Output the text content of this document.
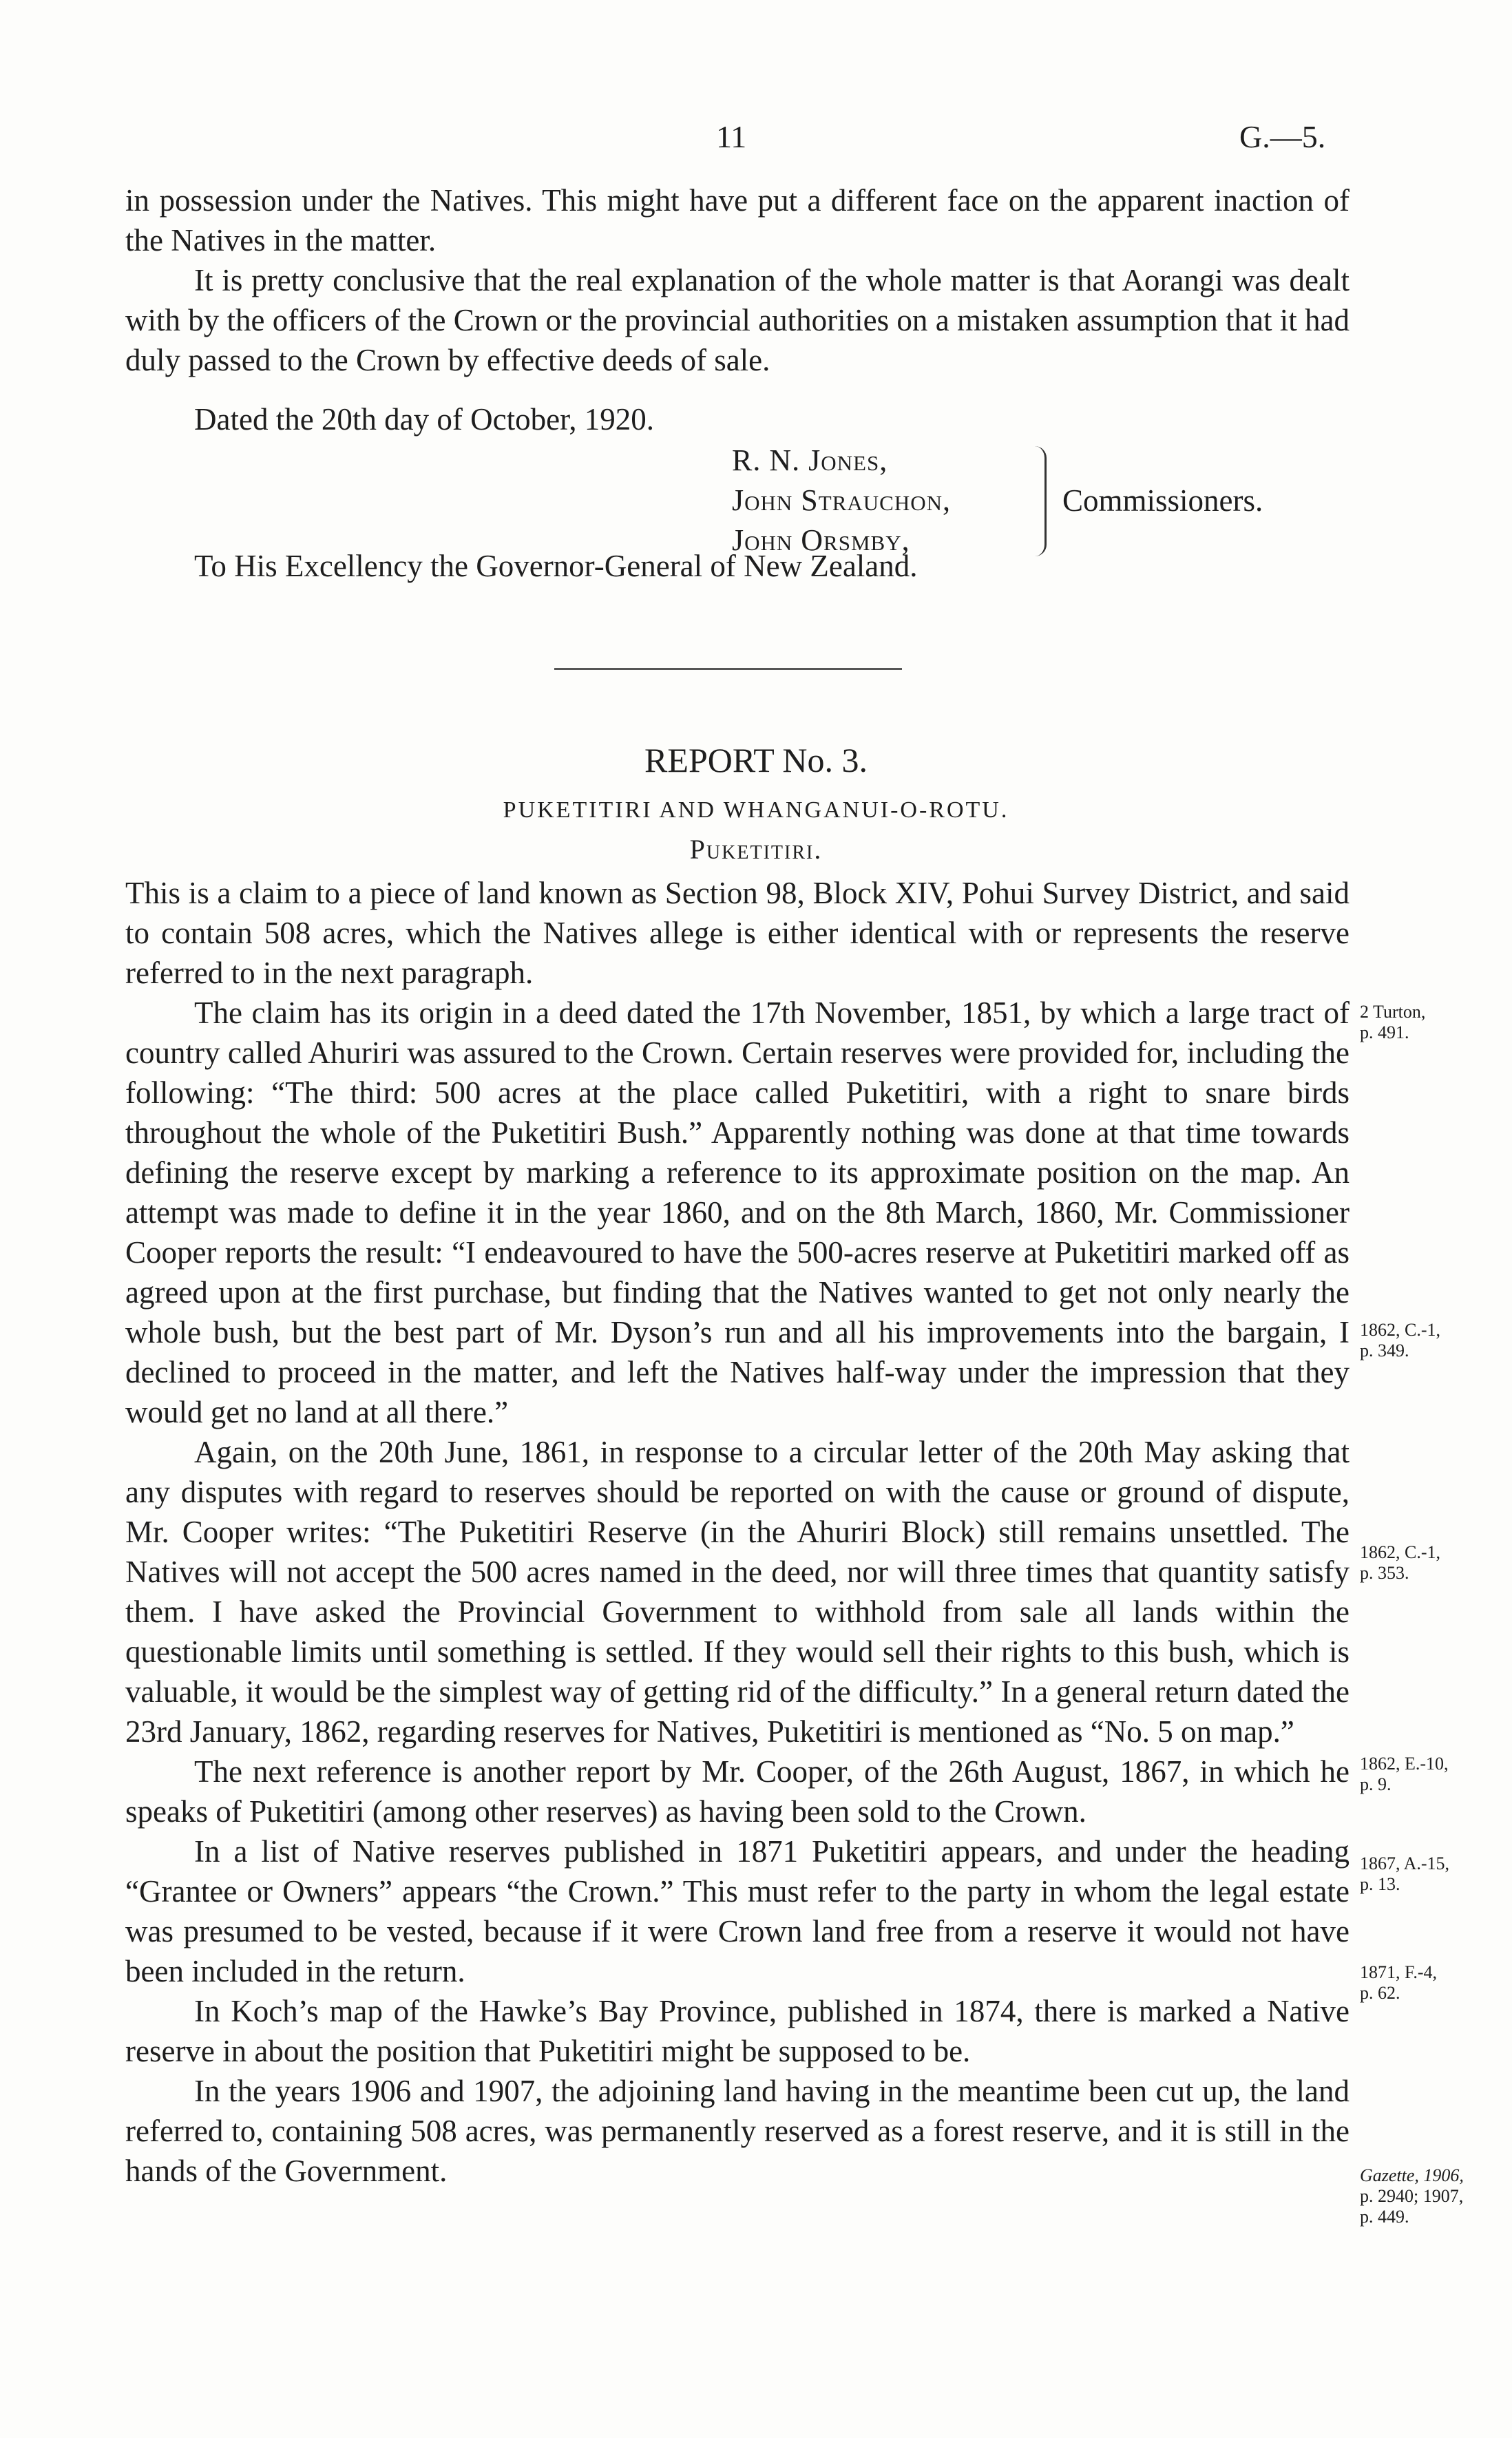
11	G.—5.

in possession under the Natives. This might have put a different face on the apparent inaction of the Natives in the matter.

It is pretty conclusive that the real explanation of the whole matter is that Aorangi was dealt with by the officers of the Crown or the provincial authorities on a mistaken assumption that it had duly passed to the Crown by effective deeds of sale.

Dated the 20th day of October, 1920.
R. N. Jones,
John Strauchon,
John Orsmby,
Commissioners.
To His Excellency the Governor-General of New Zealand.
REPORT No. 3.
PUKETITIRI AND WHANGANUI-O-ROTU.
Puketitiri.

This is a claim to a piece of land known as Section 98, Block XIV, Pohui Survey District, and said to contain 508 acres, which the Natives allege is either identical with or represents the reserve referred to in the next paragraph.

The claim has its origin in a deed dated the 17th November, 1851, by which a large tract of country called Ahuriri was assured to the Crown. Certain reserves were provided for, including the following: “The third: 500 acres at the place called Puketitiri, with a right to snare birds throughout the whole of the Puketitiri Bush.” Apparently nothing was done at that time towards defining the reserve except by marking a reference to its approximate position on the map. An attempt was made to define it in the year 1860, and on the 8th March, 1860, Mr. Commissioner Cooper reports the result: “I endeavoured to have the 500-acres reserve at Puketitiri marked off as agreed upon at the first purchase, but finding that the Natives wanted to get not only nearly the whole bush, but the best part of Mr. Dyson’s run and all his improvements into the bargain, I declined to proceed in the matter, and left the Natives half-way under the impression that they would get no land at all there.”

Again, on the 20th June, 1861, in response to a circular letter of the 20th May asking that any disputes with regard to reserves should be reported on with the cause or ground of dispute, Mr. Cooper writes: “The Puketitiri Reserve (in the Ahuriri Block) still remains unsettled. The Natives will not accept the 500 acres named in the deed, nor will three times that quantity satisfy them. I have asked the Provincial Government to withhold from sale all lands within the questionable limits until something is settled. If they would sell their rights to this bush, which is valuable, it would be the simplest way of getting rid of the difficulty.” In a general return dated the 23rd January, 1862, regarding reserves for Natives, Puketitiri is mentioned as “No. 5 on map.”

The next reference is another report by Mr. Cooper, of the 26th August, 1867, in which he speaks of Puketitiri (among other reserves) as having been sold to the Crown.

In a list of Native reserves published in 1871 Puketitiri appears, and under the heading “Grantee or Owners” appears “the Crown.” This must refer to the party in whom the legal estate was presumed to be vested, because if it were Crown land free from a reserve it would not have been included in the return.

In Koch’s map of the Hawke’s Bay Province, published in 1874, there is marked a Native reserve in about the position that Puketitiri might be supposed to be.

In the years 1906 and 1907, the adjoining land having in the meantime been cut up, the land referred to, containing 508 acres, was permanently reserved as a forest reserve, and it is still in the hands of the Government.

2 Turton,
p. 491.
1862, C.-1,
p. 349.
1862, C.-1,
p. 353.
1862, E.-10,
p. 9.
1867, A.-15,
p. 13.
1871, F.-4,
p. 62.
Gazette, 1906,
p. 2940; 1907,
p. 449.
